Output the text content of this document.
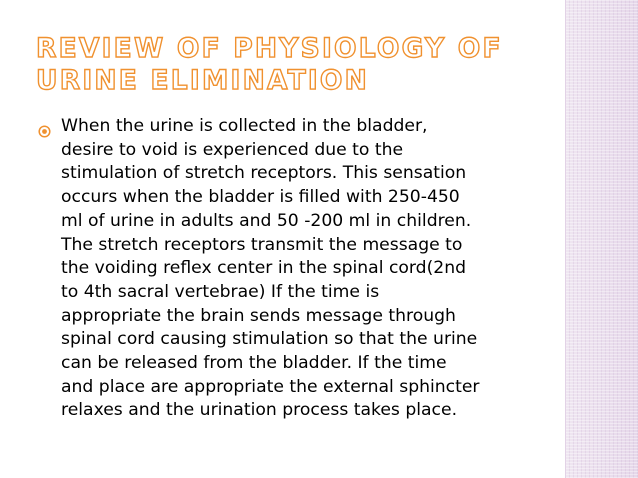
REVIEW OF PHYSIOLOGY OF URINE ELIMINATION

When the urine is collected in the bladder,
desire to void is experienced due to the
stimulation of stretch receptors. This sensation
occurs when the bladder is filled with 250-450
ml of urine in adults and 50 -200 ml in children.
The stretch receptors transmit the message to
the voiding reflex center in the spinal cord(2nd
to 4th sacral vertebrae) If the time is
appropriate the brain sends message through
spinal cord causing stimulation so that the urine
can be released from the bladder. If the time
and place are appropriate the external sphincter
relaxes and the urination process takes place.
